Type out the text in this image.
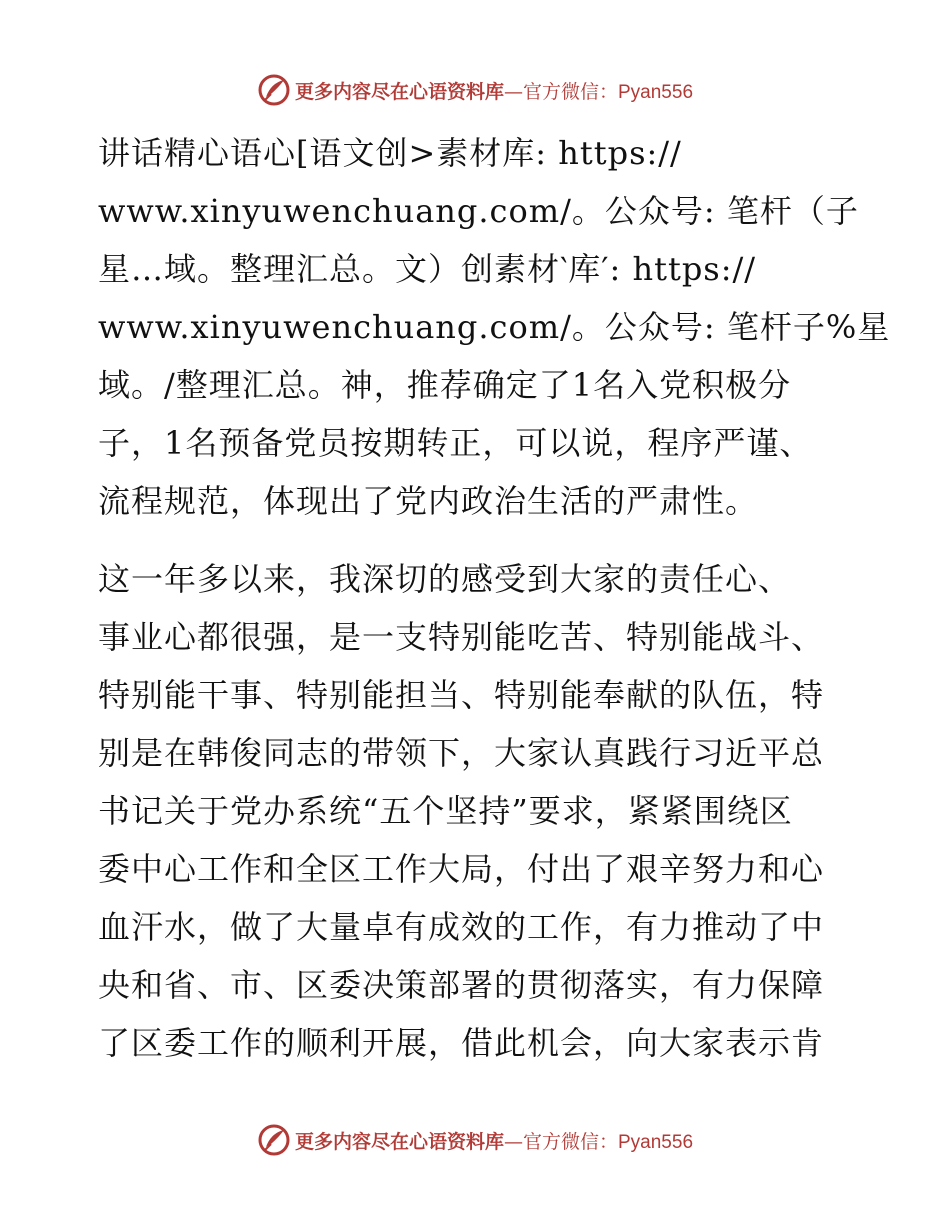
更多内容尽在心语资料库—官方微信：Pyan556
讲话精心语心[语文创>素材库: https://
www.xinyuwenchuang.com/。公众号: 笔杆（子
星…域。整理汇总。文）创素材‵库′: https://
www.xinyuwenchuang.com/。公众号: 笔杆子%星
域。/整理汇总。神，推荐确定了1名入党积极分
子，1名预备党员按期转正，可以说，程序严谨、
流程规范，体现出了党内政治生活的严肃性。
这一年多以来，我深切的感受到大家的责任心、
事业心都很强，是一支特别能吃苦、特别能战斗、
特别能干事、特别能担当、特别能奉献的队伍，特
别是在韩俊同志的带领下，大家认真践行习近平总
书记关于党办系统“五个坚持”要求，紧紧围绕区
委中心工作和全区工作大局，付出了艰辛努力和心
血汗水，做了大量卓有成效的工作，有力推动了中
央和省、市、区委决策部署的贯彻落实，有力保障
了区委工作的顺利开展，借此机会，向大家表示肯
更多内容尽在心语资料库—官方微信：Pyan556
